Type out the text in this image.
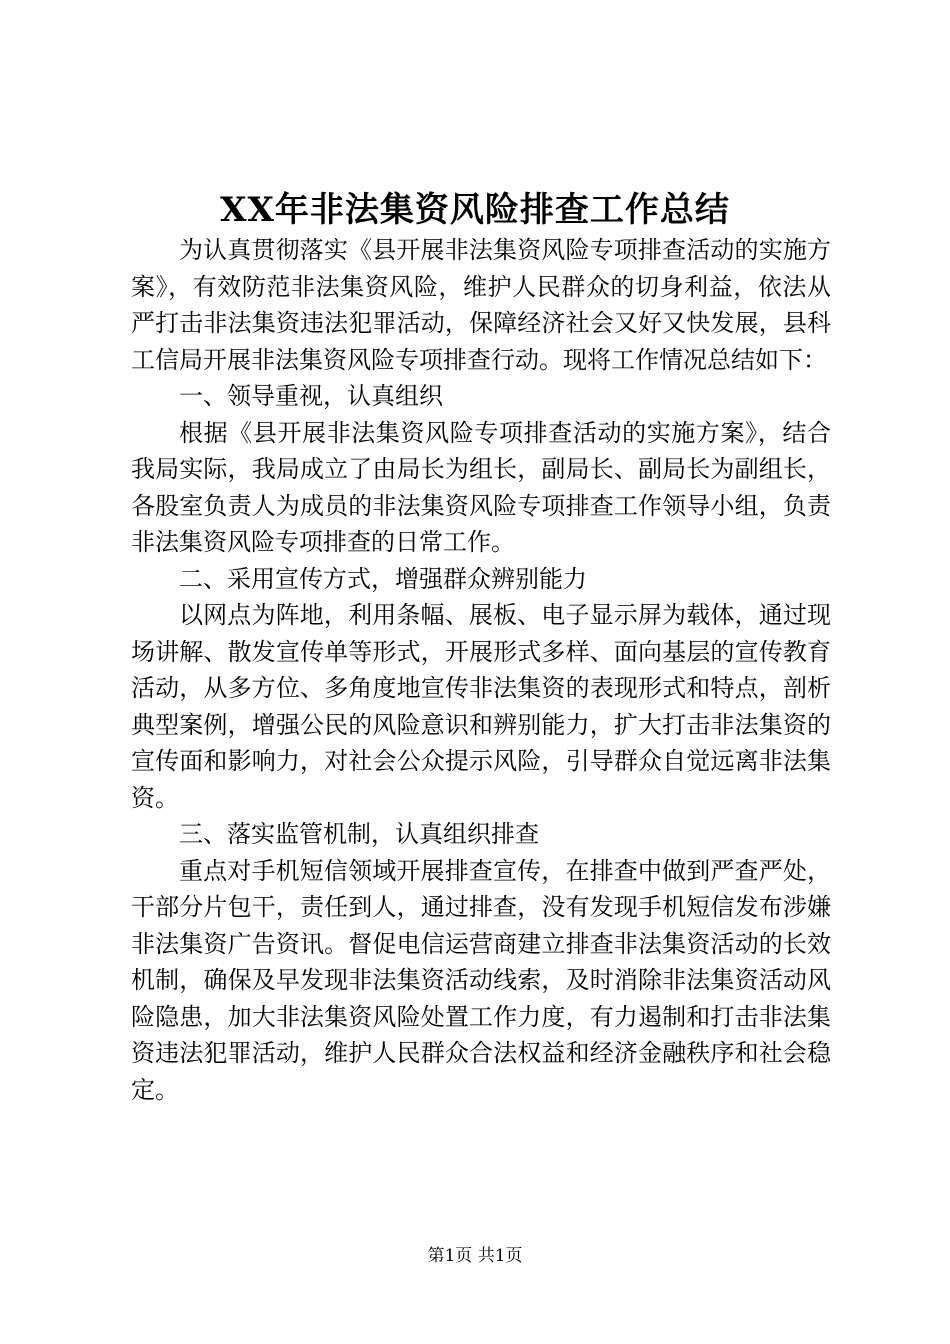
XX年非法集资风险排查工作总结

为认真贯彻落实《县开展非法集资风险专项排查活动的实施方案》，有效防范非法集资风险，维护人民群众的切身利益，依法从严打击非法集资违法犯罪活动，保障经济社会又好又快发展，县科工信局开展非法集资风险专项排查行动。现将工作情况总结如下：

一、领导重视，认真组织

根据《县开展非法集资风险专项排查活动的实施方案》，结合我局实际，我局成立了由局长为组长，副局长、副局长为副组长，各股室负责人为成员的非法集资风险专项排查工作领导小组，负责非法集资风险专项排查的日常工作。

二、采用宣传方式，增强群众辨别能力

以网点为阵地，利用条幅、展板、电子显示屏为载体，通过现场讲解、散发宣传单等形式，开展形式多样、面向基层的宣传教育活动，从多方位、多角度地宣传非法集资的表现形式和特点，剖析典型案例，增强公民的风险意识和辨别能力，扩大打击非法集资的宣传面和影响力，对社会公众提示风险，引导群众自觉远离非法集资。

三、落实监管机制，认真组织排查

重点对手机短信领域开展排查宣传，在排查中做到严查严处，干部分片包干，责任到人，通过排查，没有发现手机短信发布涉嫌非法集资广告资讯。督促电信运营商建立排查非法集资活动的长效机制，确保及早发现非法集资活动线索，及时消除非法集资活动风险隐患，加大非法集资风险处置工作力度，有力遏制和打击非法集资违法犯罪活动，维护人民群众合法权益和经济金融秩序和社会稳定。

第1页 共1页
